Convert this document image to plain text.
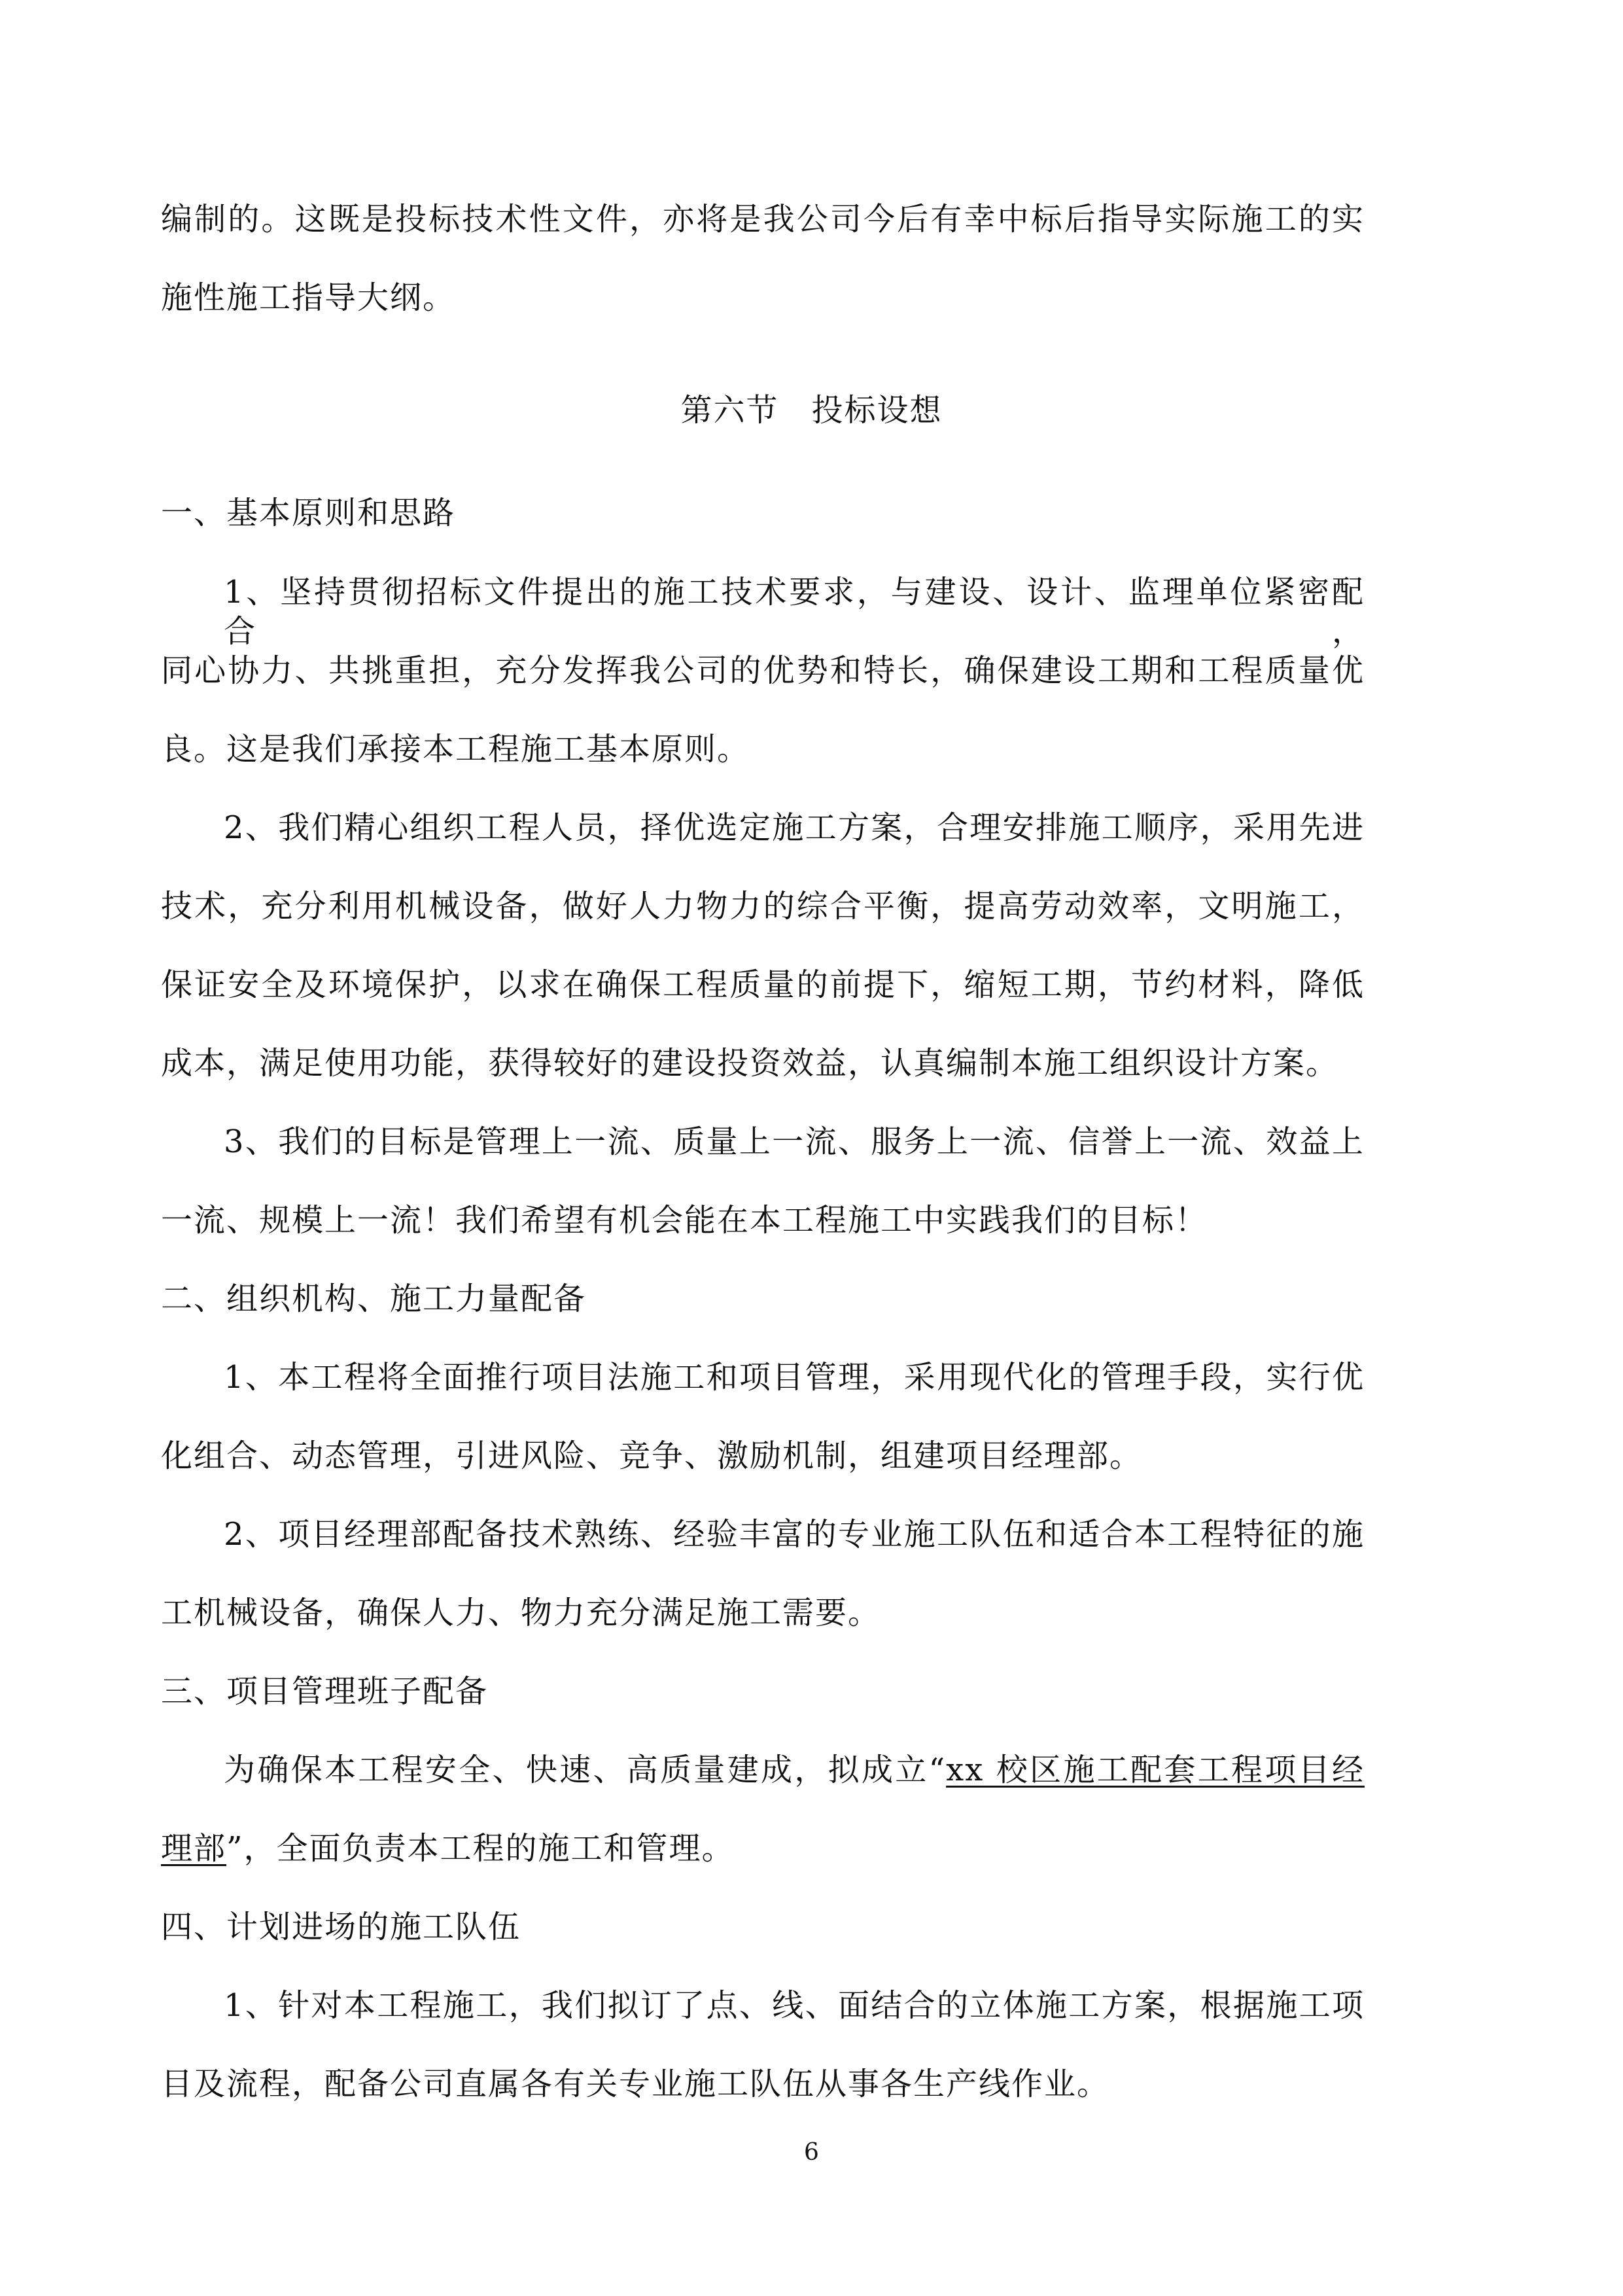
编制的。这既是投标技术性文件，亦将是我公司今后有幸中标后指导实际施工的实
施性施工指导大纲。
第六节　投标设想
一、基本原则和思路
1、坚持贯彻招标文件提出的施工技术要求，与建设、设计、监理单位紧密配合，
同心协力、共挑重担，充分发挥我公司的优势和特长，确保建设工期和工程质量优
良。这是我们承接本工程施工基本原则。
2、我们精心组织工程人员，择优选定施工方案，合理安排施工顺序，采用先进
技术，充分利用机械设备，做好人力物力的综合平衡，提高劳动效率，文明施工，
保证安全及环境保护，以求在确保工程质量的前提下，缩短工期，节约材料，降低
成本，满足使用功能，获得较好的建设投资效益，认真编制本施工组织设计方案。
3、我们的目标是管理上一流、质量上一流、服务上一流、信誉上一流、效益上
一流、规模上一流！我们希望有机会能在本工程施工中实践我们的目标！
二、组织机构、施工力量配备
1、本工程将全面推行项目法施工和项目管理，采用现代化的管理手段，实行优
化组合、动态管理，引进风险、竞争、激励机制，组建项目经理部。
2、项目经理部配备技术熟练、经验丰富的专业施工队伍和适合本工程特征的施
工机械设备，确保人力、物力充分满足施工需要。
三、项目管理班子配备
为确保本工程安全、快速、高质量建成，拟成立“xx 校区施工配套工程项目经
理部”，全面负责本工程的施工和管理。
四、计划进场的施工队伍
1、针对本工程施工，我们拟订了点、线、面结合的立体施工方案，根据施工项
目及流程，配备公司直属各有关专业施工队伍从事各生产线作业。
6
